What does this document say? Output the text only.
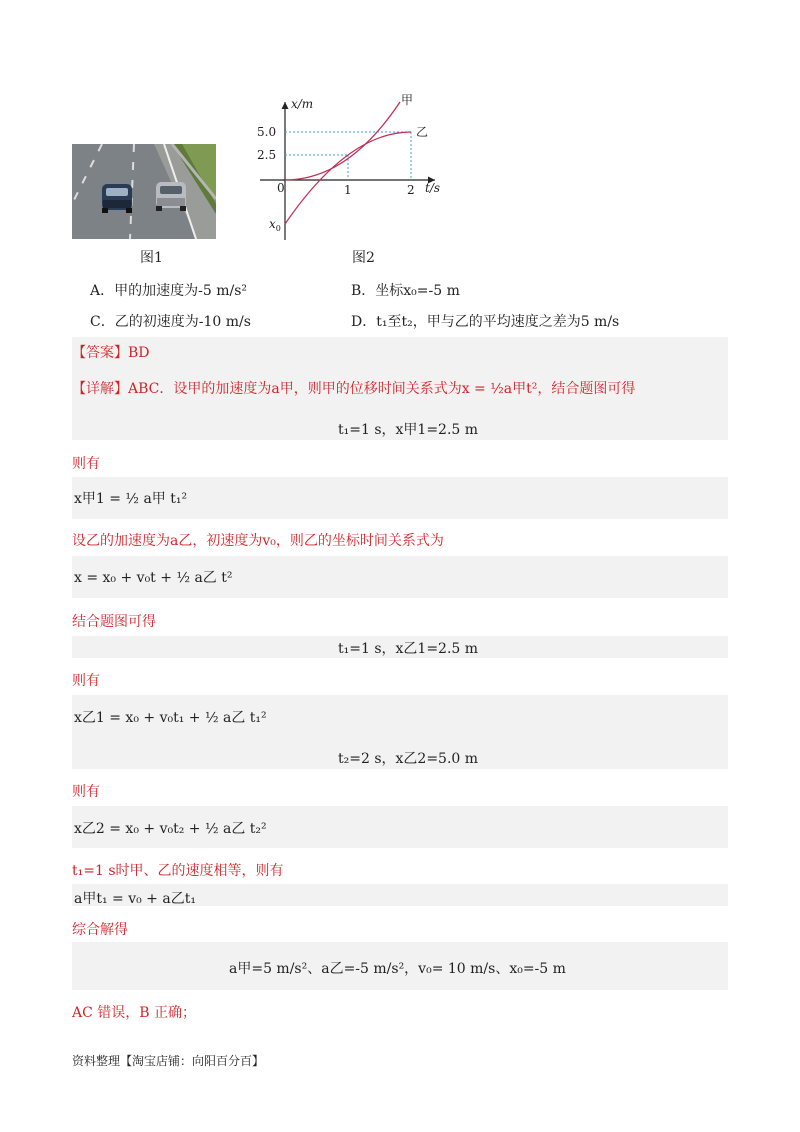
图1
x/m
5.0
2.5
0	1	2 t/s
$x_0$
甲
乙
图2
A．甲的加速度为-5 m/s²	B．坐标x₀=-5 m
C．乙的初速度为-10 m/s	D．t₁至t₂，甲与乙的平均速度之差为5 m/s
【答案】BD
【详解】ABC．设甲的加速度为a甲，则甲的位移时间关系式为x = ½a甲t²，结合题图可得
t₁=1 s，x甲1=2.5 m
则有
x甲1 = ½ a甲 t₁²
设乙的加速度为a乙，初速度为v₀，则乙的坐标时间关系式为
x = x₀ + v₀t + ½ a乙 t²
结合题图可得
t₁=1 s，x乙1=2.5 m
则有
x乙1 = x₀ + v₀t₁ + ½ a乙 t₁²
t₂=2 s，x乙2=5.0 m
则有
x乙2 = x₀ + v₀t₂ + ½ a乙 t₂²
t₁=1 s时甲、乙的速度相等，则有
a甲t₁ = v₀ + a乙t₁
综合解得
a甲=5 m/s²、a乙=-5 m/s²，v₀= 10 m/s、x₀=-5 m
AC 错误，B 正确；
资料整理【淘宝店铺：向阳百分百】
